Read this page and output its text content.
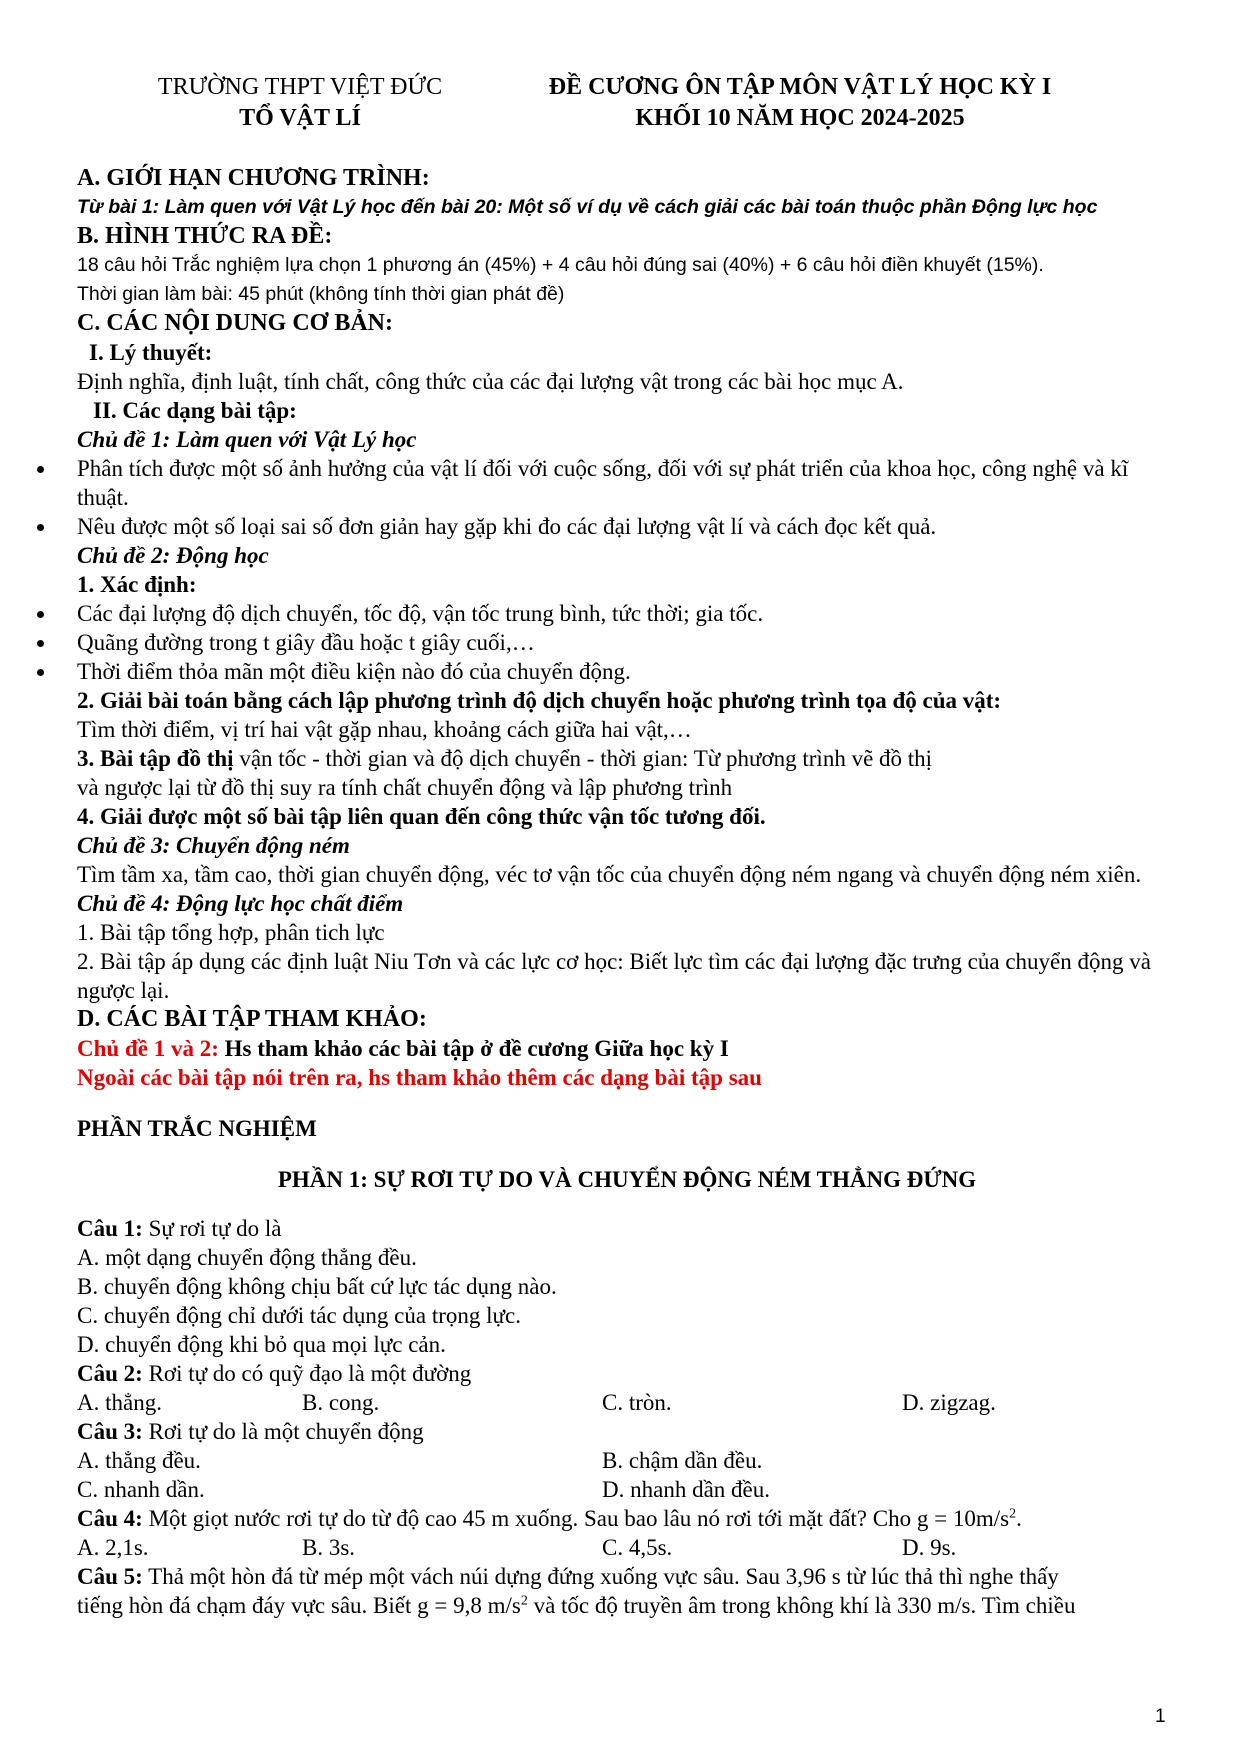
TRƯỜNG THPT VIỆT ĐỨC
TỔ VẬT LÍ
ĐỀ CƯƠNG ÔN TẬP MÔN VẬT LÝ HỌC KỲ I
KHỐI 10 NĂM HỌC 2024-2025
A. GIỚI HẠN CHƯƠNG TRÌNH:
Từ bài 1: Làm quen với Vật Lý học đến bài 20: Một số ví dụ về cách giải các bài toán thuộc phần Động lực học
B. HÌNH THỨC RA ĐỀ:
18 câu hỏi Trắc nghiệm lựa chọn 1 phương án (45%) + 4 câu hỏi đúng sai (40%) + 6 câu hỏi điền khuyết (15%).
Thời gian làm bài: 45 phút (không tính thời gian phát đề)
C. CÁC NỘI DUNG CƠ BẢN:
I. Lý thuyết:
Định nghĩa, định luật, tính chất, công thức của các đại lượng vật trong các bài học mục A.
II. Các dạng bài tập:
Chủ đề 1: Làm quen với Vật Lý học
Phân tích được một số ảnh hưởng của vật lí đối với cuộc sống, đối với sự phát triển của khoa học, công nghệ và kĩ thuật.
Nêu được một số loại sai số đơn giản hay gặp khi đo các đại lượng vật lí và cách đọc kết quả.
Chủ đề 2: Động học
1. Xác định:
Các đại lượng độ dịch chuyển, tốc độ, vận tốc trung bình, tức thời; gia tốc.
Quãng đường trong t giây đầu hoặc t giây cuối,…
Thời điểm thỏa mãn một điều kiện nào đó của chuyển động.
2. Giải bài toán bằng cách lập phương trình độ dịch chuyển hoặc phương trình tọa độ của vật:
Tìm thời điểm, vị trí hai vật gặp nhau, khoảng cách giữa hai vật,…
3. Bài tập đồ thị vận tốc - thời gian và độ dịch chuyển - thời gian: Từ phương trình vẽ đồ thị
và ngược lại từ đồ thị suy ra tính chất chuyển động và lập phương trình
4. Giải được một số bài tập liên quan đến công thức vận tốc tương đối.
Chủ đề 3: Chuyển động ném
Tìm tầm xa, tầm cao, thời gian chuyển động, véc tơ vận tốc của chuyển động ném ngang và chuyển động ném xiên.
Chủ đề 4: Động lực học chất điểm
1. Bài tập tổng hợp, phân tich lực
2. Bài tập áp dụng các định luật Niu Tơn và các lực cơ học: Biết lực tìm các đại lượng đặc trưng của chuyển động và ngược lại.
D. CÁC BÀI TẬP THAM KHẢO:
Chủ đề 1 và 2: Hs tham khảo các bài tập ở đề cương Giữa học kỳ I
Ngoài các bài tập nói trên ra, hs tham khảo thêm các dạng bài tập sau
PHẦN TRẮC NGHIỆM
PHẦN 1: SỰ RƠI TỰ DO VÀ CHUYỂN ĐỘNG NÉM THẲNG ĐỨNG
Câu 1: Sự rơi tự do là
A. một dạng chuyển động thẳng đều.
B. chuyển động không chịu bất cứ lực tác dụng nào.
C. chuyển động chỉ dưới tác dụng của trọng lực.
D. chuyển động khi bỏ qua mọi lực cản.
Câu 2: Rơi tự do có quỹ đạo là một đường
A. thẳng.	B. cong.	C. tròn.	D. zigzag.
Câu 3: Rơi tự do là một chuyển động
A. thẳng đều.	B. chậm dần đều.
C. nhanh dần.	D. nhanh dần đều.
Câu 4: Một giọt nước rơi tự do từ độ cao 45 m xuống. Sau bao lâu nó rơi tới mặt đất? Cho $g = 10m/s^2$.
A. 2,1s.	B. 3s.	C. 4,5s.	D. 9s.
Câu 5: Thả một hòn đá từ mép một vách núi dựng đứng xuống vực sâu. Sau 3,96 s từ lúc thả thì nghe thấy
tiếng hòn đá chạm đáy vực sâu. Biết g = 9,8 $m/s^2$ và tốc độ truyền âm trong không khí là 330 m/s. Tìm chiều
1
